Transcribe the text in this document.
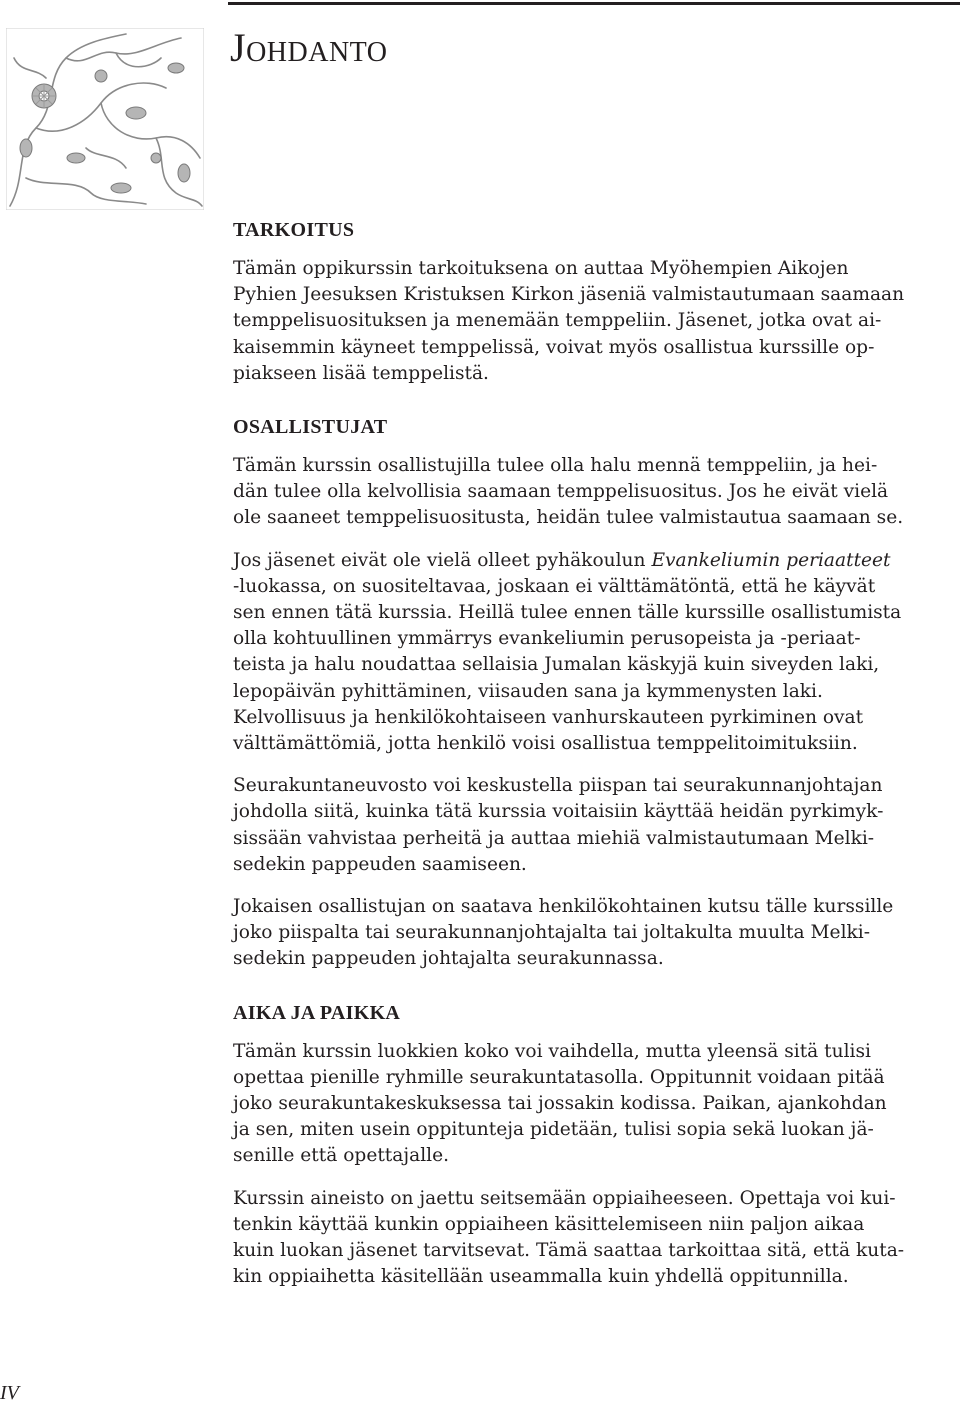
Johdanto
TARKOITUS

Tämän oppikurssin tarkoituksena on auttaa Myöhempien Aikojen
Pyhien Jeesuksen Kristuksen Kirkon jäseniä valmistautumaan saamaan
temppelisuosituksen ja menemään temppeliin. Jäsenet, jotka ovat ai-
kaisemmin käyneet temppelissä, voivat myös osallistua kurssille op-
piakseen lisää temppelistä.

OSALLISTUJAT

Tämän kurssin osallistujilla tulee olla halu mennä temppeliin, ja hei-
dän tulee olla kelvollisia saamaan temppelisuositus. Jos he eivät vielä
ole saaneet temppelisuositusta, heidän tulee valmistautua saamaan se.

Jos jäsenet eivät ole vielä olleet pyhäkoulun Evankeliumin periaatteet
-luokassa, on suositeltavaa, joskaan ei välttämätöntä, että he käyvät
sen ennen tätä kurssia. Heillä tulee ennen tälle kurssille osallistumista
olla kohtuullinen ymmärrys evankeliumin perusopeista ja -periaat-
teista ja halu noudattaa sellaisia Jumalan käskyjä kuin siveyden laki,
lepopäivän pyhittäminen, viisauden sana ja kymmenysten laki.
Kelvollisuus ja henkilökohtaiseen vanhurskauteen pyrkiminen ovat
välttämättömiä, jotta henkilö voisi osallistua temppelitoimituksiin.

Seurakuntaneuvosto voi keskustella piispan tai seurakunnanjohtajan
johdolla siitä, kuinka tätä kurssia voitaisiin käyttää heidän pyrkimyk-
sissään vahvistaa perheitä ja auttaa miehiä valmistautumaan Melki-
sedekin pappeuden saamiseen.

Jokaisen osallistujan on saatava henkilökohtainen kutsu tälle kurssille
joko piispalta tai seurakunnanjohtajalta tai joltakulta muulta Melki-
sedekin pappeuden johtajalta seurakunnassa.

AIKA JA PAIKKA

Tämän kurssin luokkien koko voi vaihdella, mutta yleensä sitä tulisi
opettaa pienille ryhmille seurakuntatasolla. Oppitunnit voidaan pitää
joko seurakuntakeskuksessa tai jossakin kodissa. Paikan, ajankohdan
ja sen, miten usein oppitunteja pidetään, tulisi sopia sekä luokan jä-
senille että opettajalle.

Kurssin aineisto on jaettu seitsemään oppiaiheeseen. Opettaja voi kui-
tenkin käyttää kunkin oppiaiheen käsittelemiseen niin paljon aikaa
kuin luokan jäsenet tarvitsevat. Tämä saattaa tarkoittaa sitä, että kuta-
kin oppiaihetta käsitellään useammalla kuin yhdellä oppitunnilla.

IV
